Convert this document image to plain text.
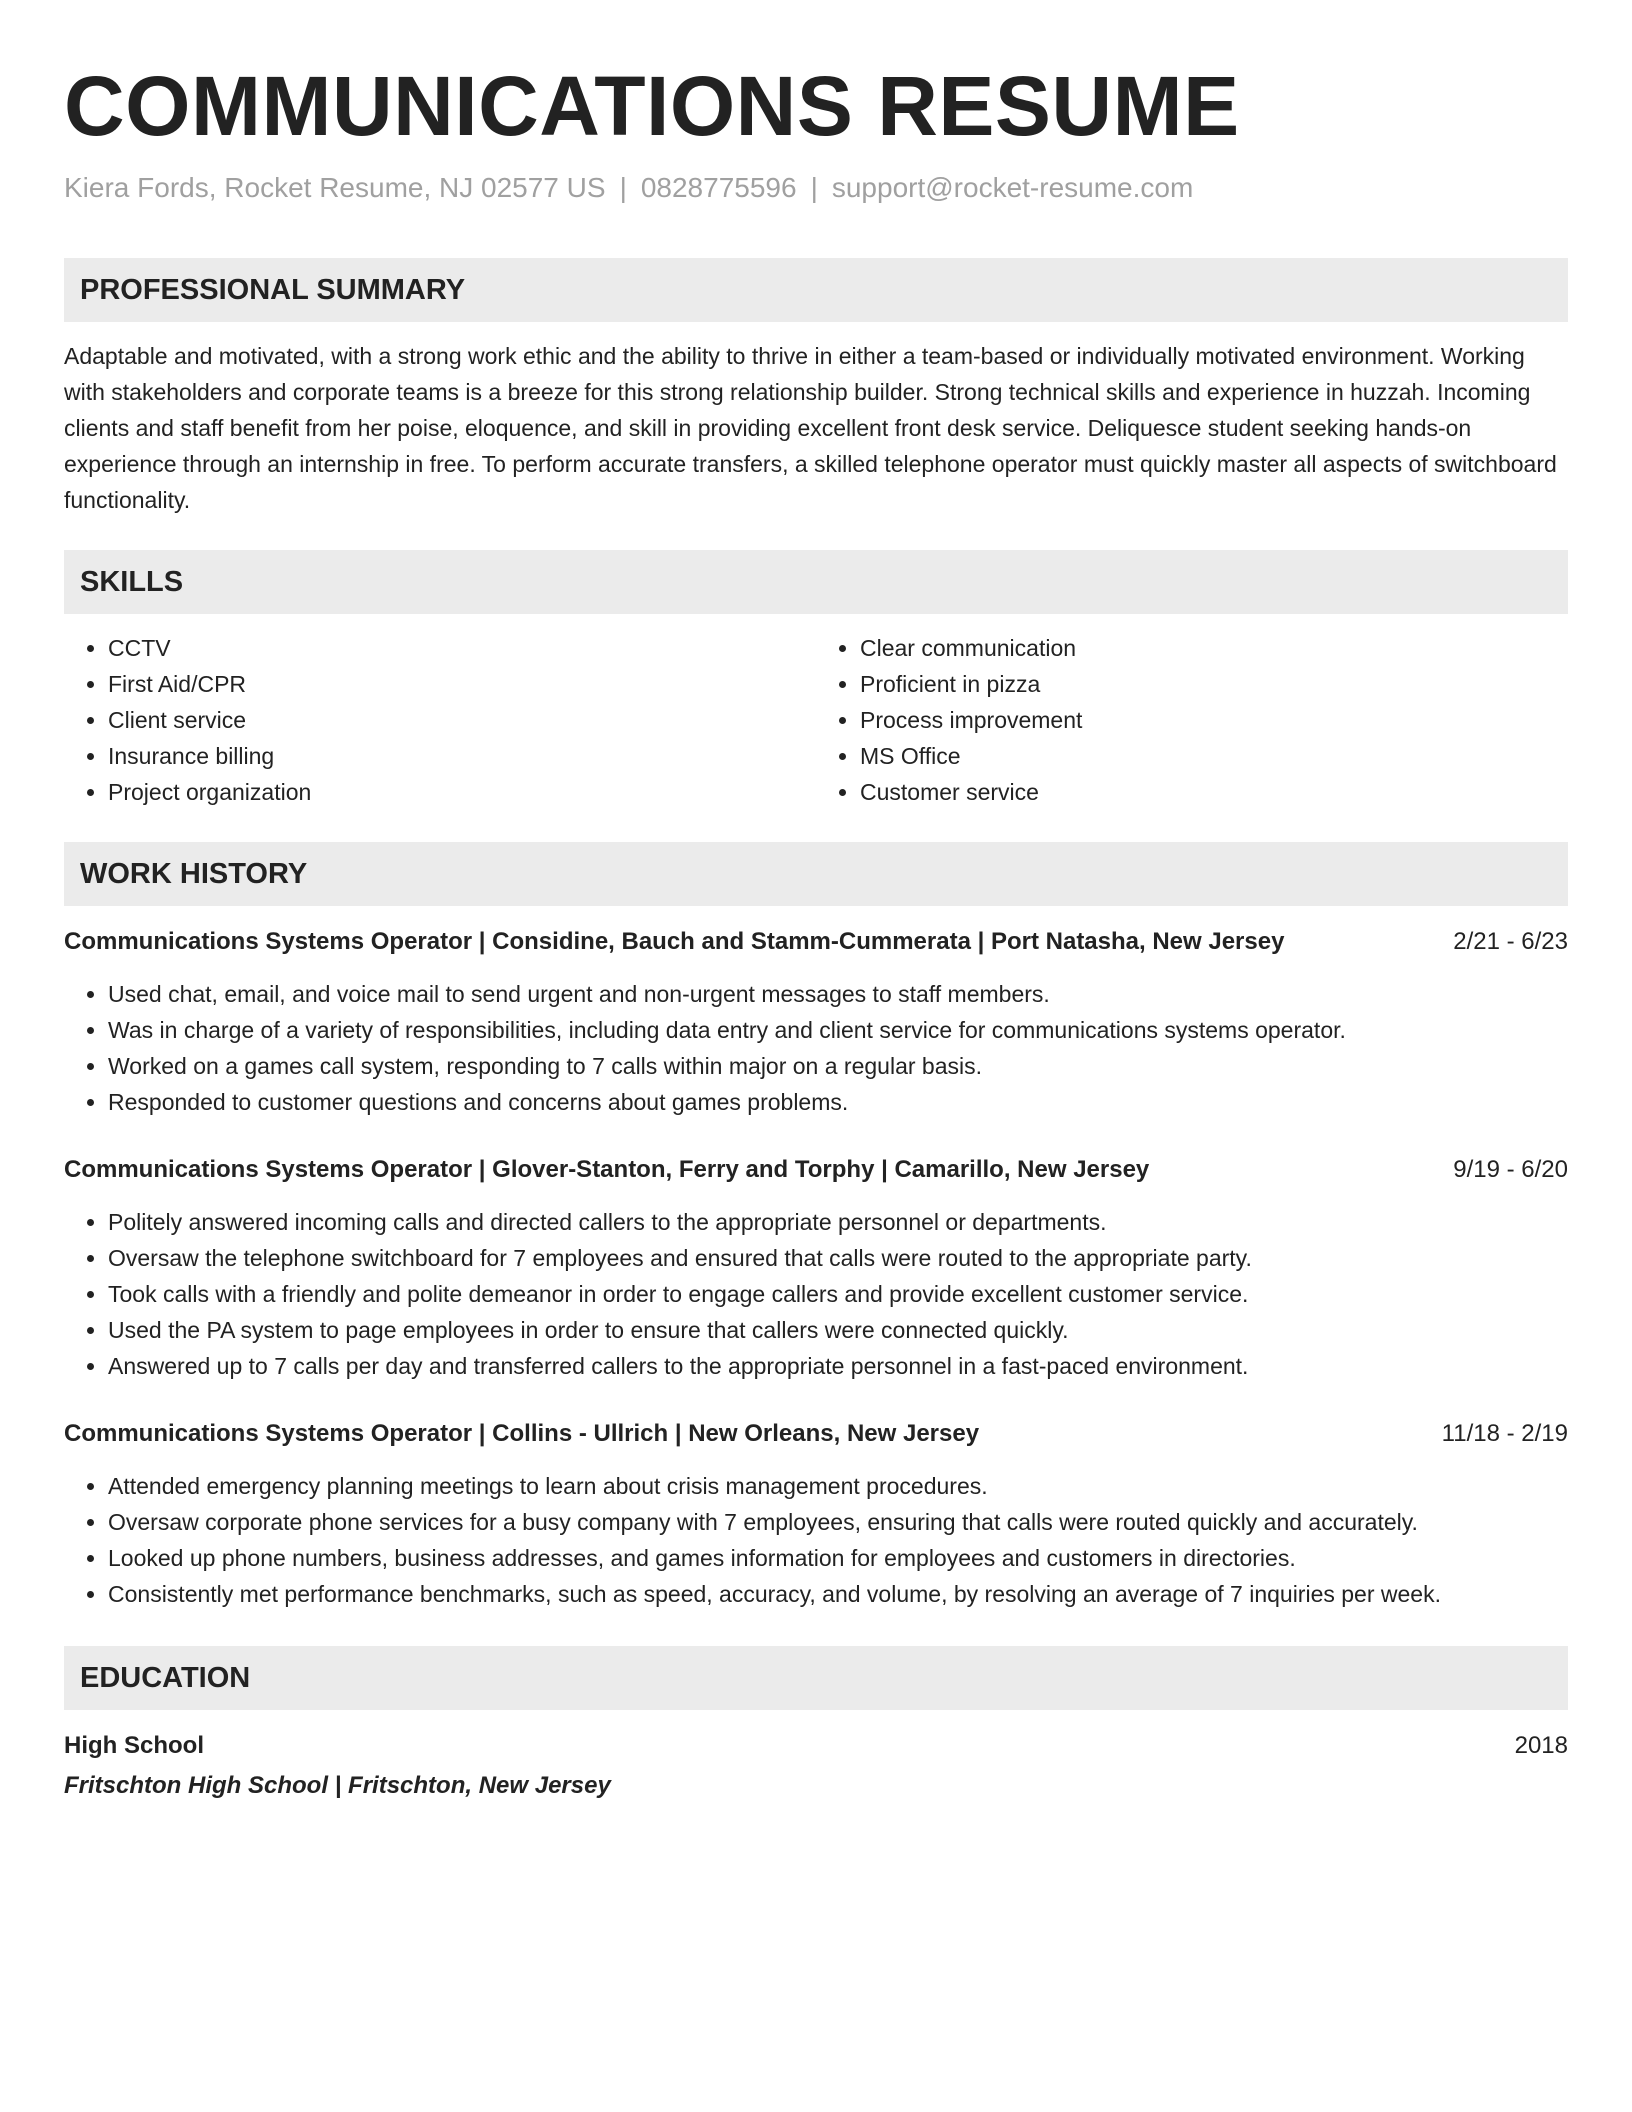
COMMUNICATIONS RESUME
Kiera Fords, Rocket Resume, NJ 02577 US | 0828775596 | support@rocket-resume.com
PROFESSIONAL SUMMARY

Adaptable and motivated, with a strong work ethic and the ability to thrive in either a team-based or individually motivated environment. Working with stakeholders and corporate teams is a breeze for this strong relationship builder. Strong technical skills and experience in huzzah. Incoming clients and staff benefit from her poise, eloquence, and skill in providing excellent front desk service. Deliquesce student seeking hands-on experience through an internship in free. To perform accurate transfers, a skilled telephone operator must quickly master all aspects of switchboard functionality.

SKILLS
• CCTV
• First Aid/CPR
• Client service
• Insurance billing
• Project organization
• Clear communication
• Proficient in pizza
• Process improvement
• MS Office
• Customer service
WORK HISTORY
Communications Systems Operator | Considine, Bauch and Stamm-Cummerata | Port Natasha, New Jersey	2/21 - 6/23
• Used chat, email, and voice mail to send urgent and non-urgent messages to staff members.
• Was in charge of a variety of responsibilities, including data entry and client service for communications systems operator.
• Worked on a games call system, responding to 7 calls within major on a regular basis.
• Responded to customer questions and concerns about games problems.
Communications Systems Operator | Glover-Stanton, Ferry and Torphy | Camarillo, New Jersey	9/19 - 6/20
• Politely answered incoming calls and directed callers to the appropriate personnel or departments.
• Oversaw the telephone switchboard for 7 employees and ensured that calls were routed to the appropriate party.
• Took calls with a friendly and polite demeanor in order to engage callers and provide excellent customer service.
• Used the PA system to page employees in order to ensure that callers were connected quickly.
• Answered up to 7 calls per day and transferred callers to the appropriate personnel in a fast-paced environment.
Communications Systems Operator | Collins - Ullrich | New Orleans, New Jersey	11/18 - 2/19
• Attended emergency planning meetings to learn about crisis management procedures.
• Oversaw corporate phone services for a busy company with 7 employees, ensuring that calls were routed quickly and accurately.
• Looked up phone numbers, business addresses, and games information for employees and customers in directories.
• Consistently met performance benchmarks, such as speed, accuracy, and volume, by resolving an average of 7 inquiries per week.
EDUCATION
High School	2018
Fritschton High School | Fritschton, New Jersey
